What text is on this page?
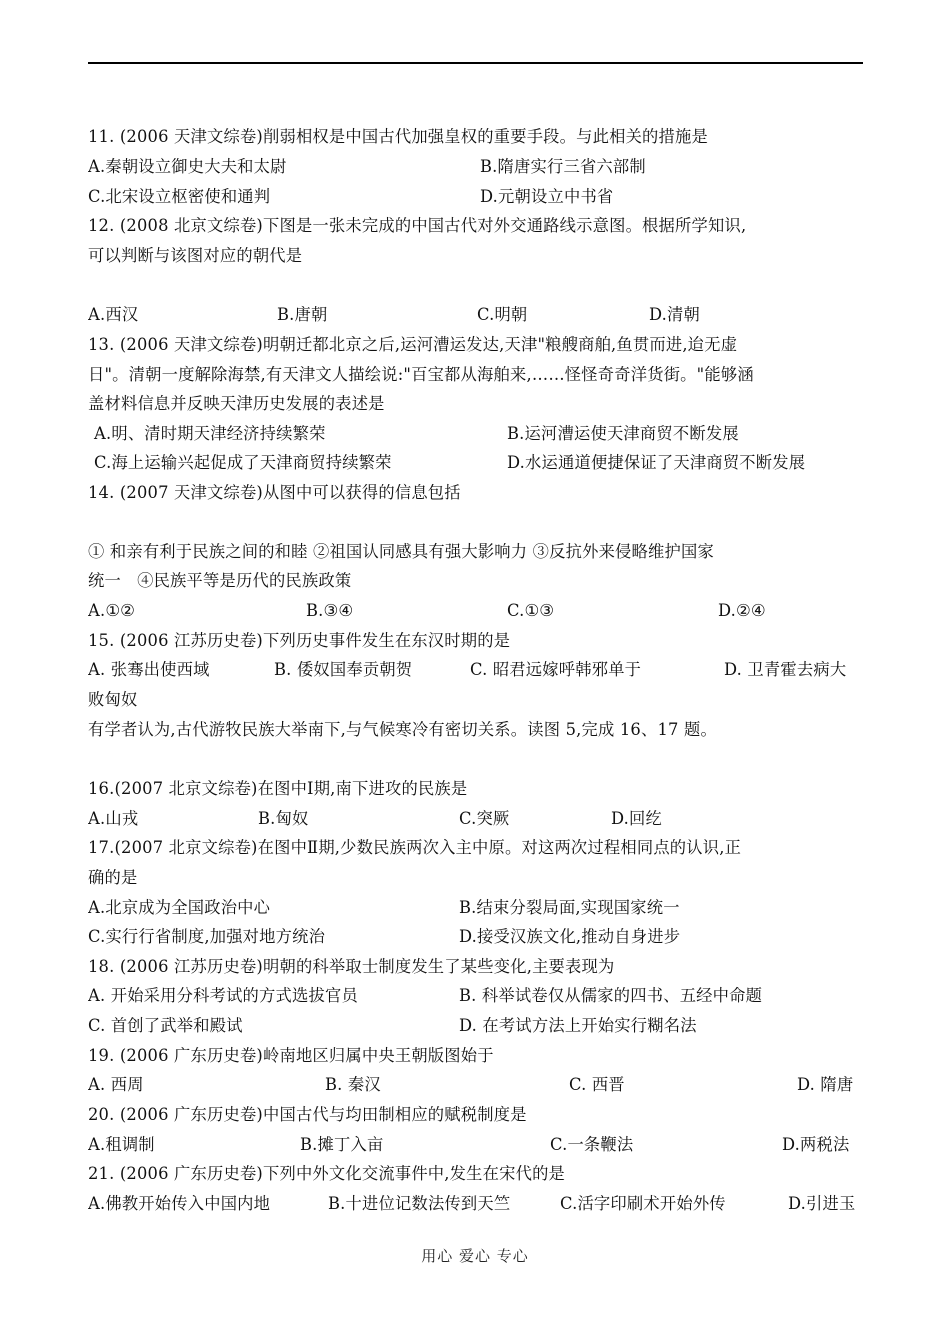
11. (2006 天津文综卷)削弱相权是中国古代加强皇权的重要手段。与此相关的措施是
A.秦朝设立御史大夫和太尉	B.隋唐实行三省六部制
C.北宋设立枢密使和通判	D.元朝设立中书省
12. (2008 北京文综卷)下图是一张未完成的中国古代对外交通路线示意图。根据所学知识,
可以判断与该图对应的朝代是
A.西汉	B.唐朝	C.明朝	D.清朝
13. (2006 天津文综卷)明朝迁都北京之后,运河漕运发达,天津"粮艘商舶,鱼贯而进,迨无虚
日"。清朝一度解除海禁,有天津文人描绘说:"百宝都从海舶来,……怪怪奇奇洋货街。"能够涵
盖材料信息并反映天津历史发展的表述是
A.明、清时期天津经济持续繁荣	B.运河漕运使天津商贸不断发展
C.海上运输兴起促成了天津商贸持续繁荣	D.水运通道便捷保证了天津商贸不断发展
14. (2007 天津文综卷)从图中可以获得的信息包括
① 和亲有利于民族之间的和睦 ②祖国认同感具有强大影响力 ③反抗外来侵略维护国家
统一   ④民族平等是历代的民族政策
A.①②	B.③④	C.①③	D.②④
15. (2006 江苏历史卷)下列历史事件发生在东汉时期的是
A. 张骞出使西域	B. 倭奴国奉贡朝贺	C. 昭君远嫁呼韩邪单于	D. 卫青霍去病大
败匈奴
有学者认为,古代游牧民族大举南下,与气候寒冷有密切关系。读图 5,完成 16、17 题。
16.(2007 北京文综卷)在图中Ⅰ期,南下进攻的民族是
A.山戎	B.匈奴	C.突厥	D.回纥
17.(2007 北京文综卷)在图中Ⅱ期,少数民族两次入主中原。对这两次过程相同点的认识,正
确的是
A.北京成为全国政治中心	B.结束分裂局面,实现国家统一
C.实行行省制度,加强对地方统治	D.接受汉族文化,推动自身进步
18. (2006 江苏历史卷)明朝的科举取士制度发生了某些变化,主要表现为
A. 开始采用分科考试的方式选拔官员	B. 科举试卷仅从儒家的四书、五经中命题
C. 首创了武举和殿试	D. 在考试方法上开始实行糊名法
19. (2006 广东历史卷)岭南地区归属中央王朝版图始于
A. 西周	B. 秦汉	C. 西晋	D. 隋唐
20. (2006 广东历史卷)中国古代与均田制相应的赋税制度是
A.租调制	B.摊丁入亩	C.一条鞭法	D.两税法
21. (2006 广东历史卷)下列中外文化交流事件中,发生在宋代的是
A.佛教开始传入中国内地	B.十进位记数法传到天竺	C.活字印刷术开始外传	D.引进玉
用心 爱心 专心
